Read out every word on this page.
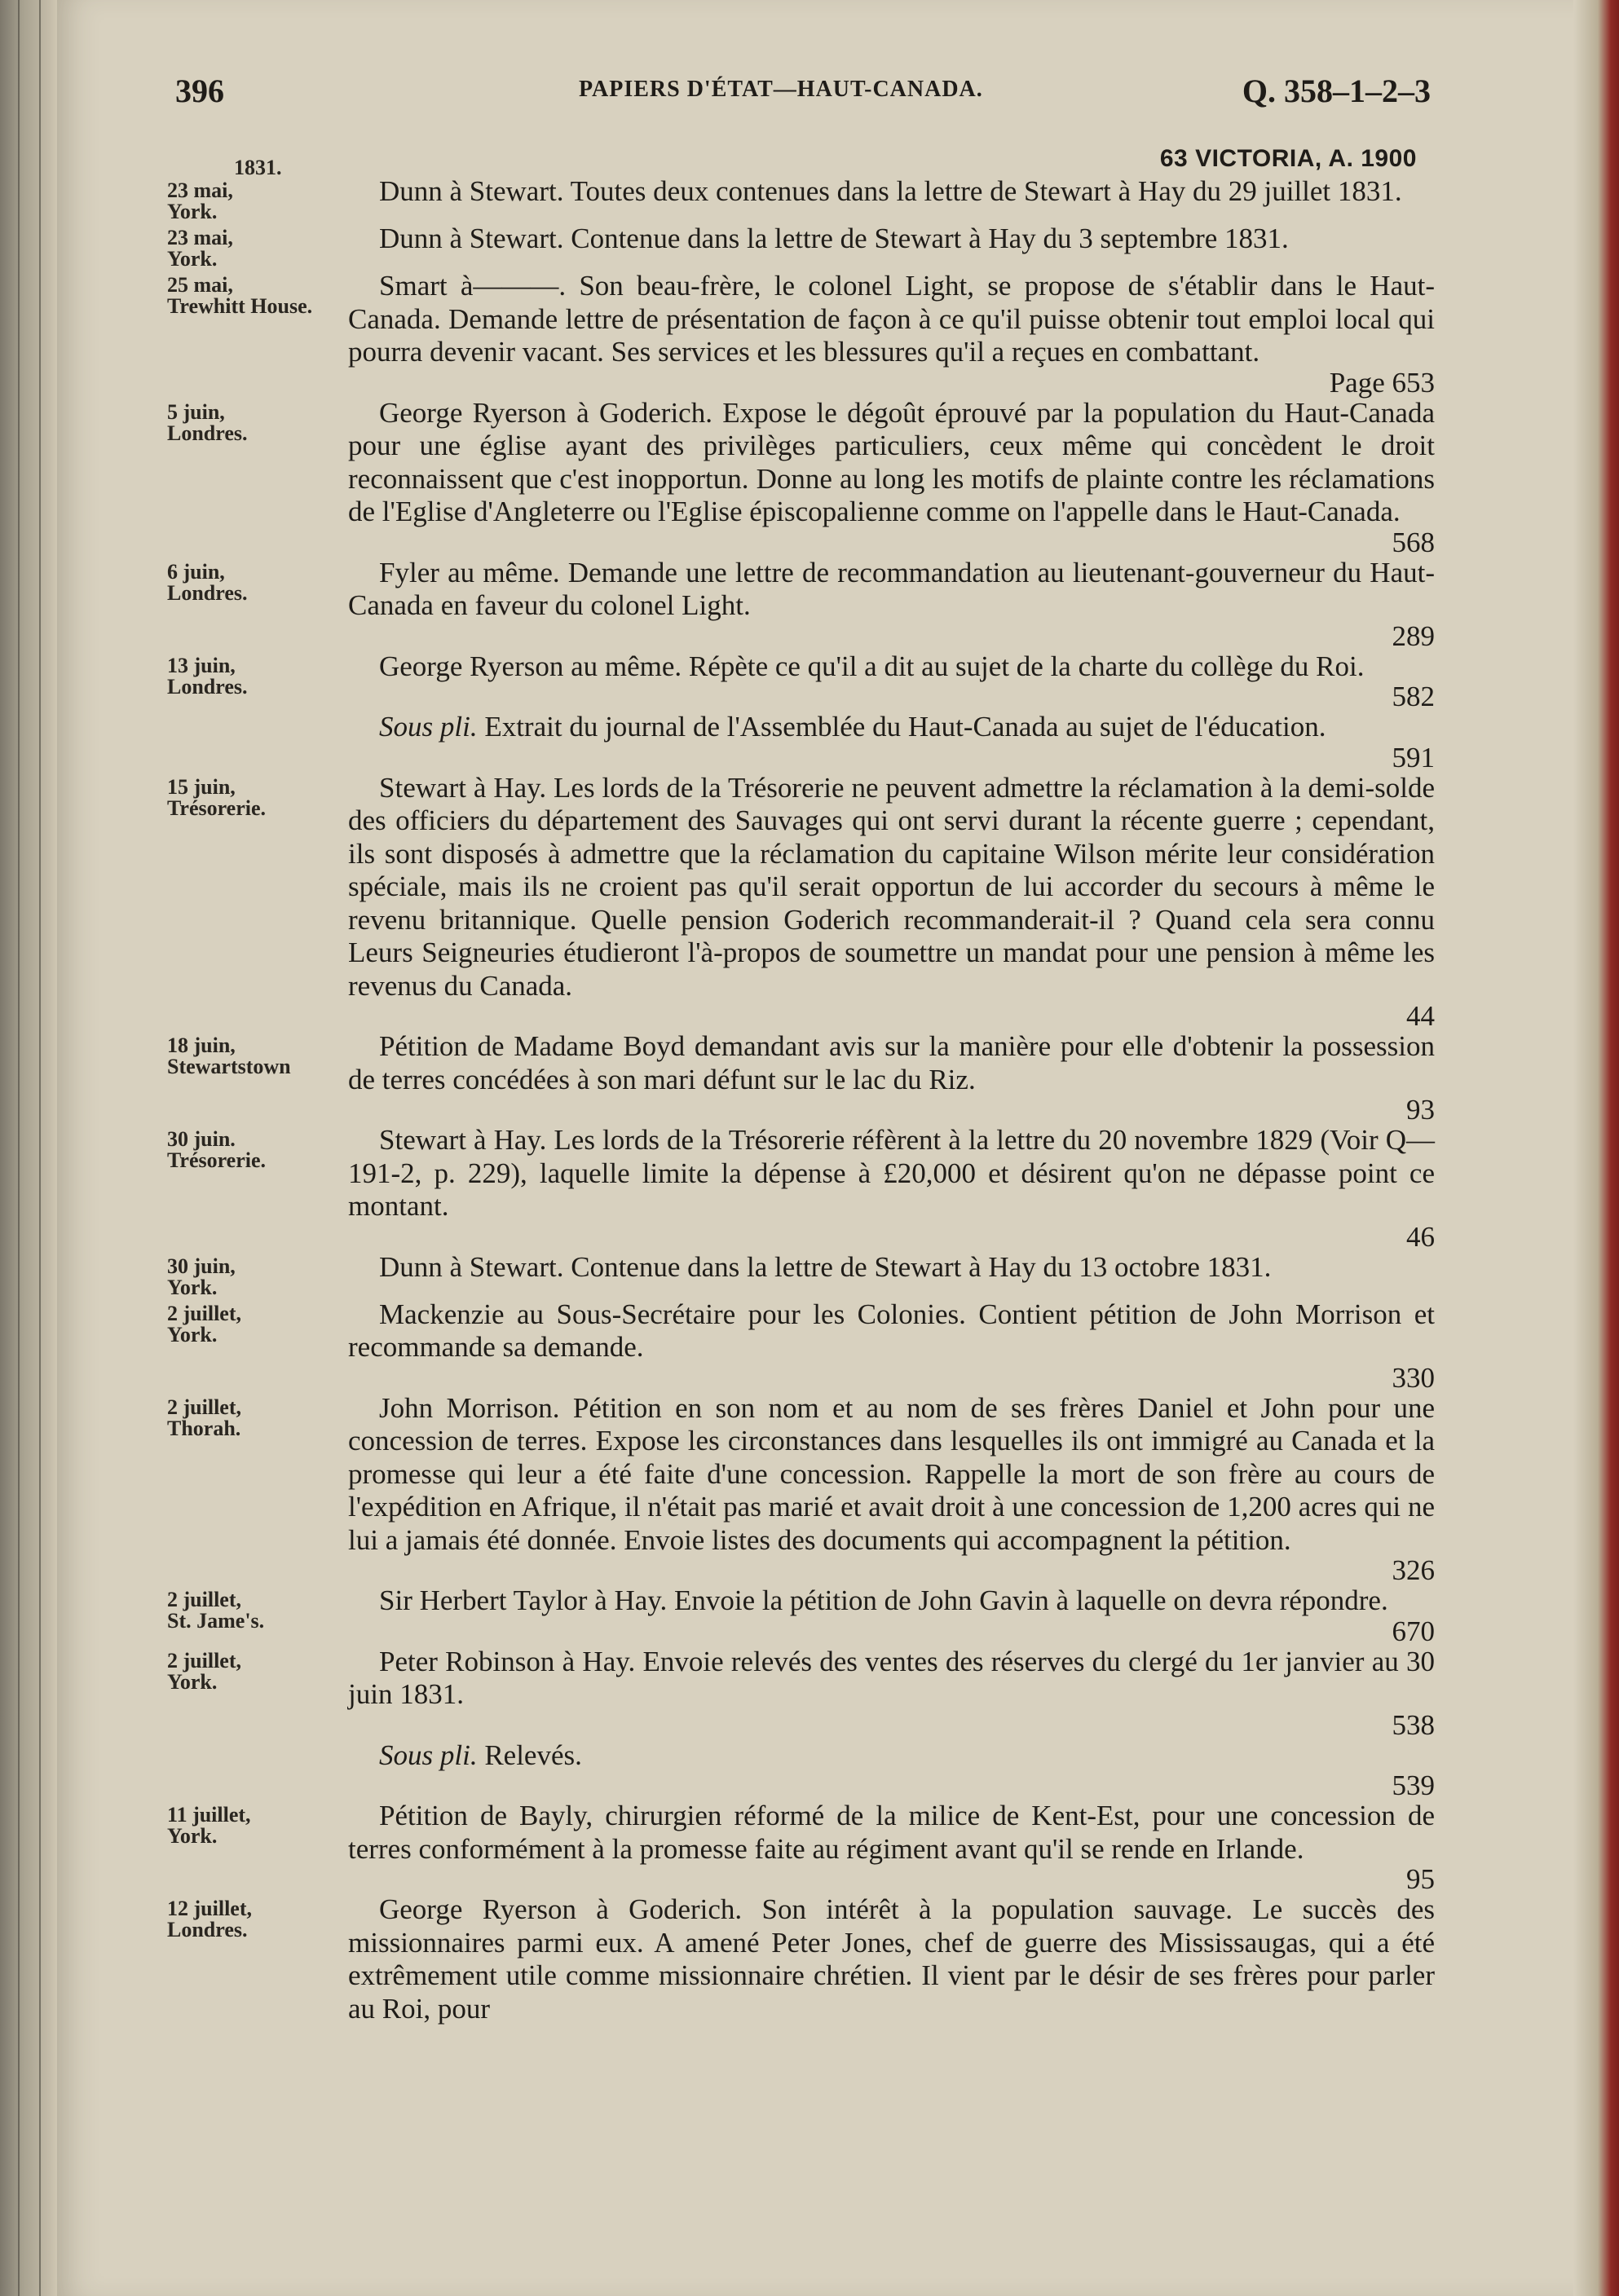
396	PAPIERS D'ÉTAT—HAUT-CANADA.	Q. 358–1–2–3
63 VICTORIA, A. 1900
1831.
23 mai,
York.
Dunn à Stewart. Toutes deux contenues dans la lettre de Stewart à Hay du 29 juillet 1831.
23 mai,
York.
Dunn à Stewart. Contenue dans la lettre de Stewart à Hay du 3 septembre 1831.
25 mai,
Trewhitt House.
Smart à———. Son beau-frère, le colonel Light, se propose de s'établir dans le Haut-Canada. Demande lettre de présentation de façon à ce qu'il puisse obtenir tout emploi local qui pourra devenir vacant. Ses services et les blessures qu'il a reçues en combattant.
Page 653
5 juin,
Londres.
George Ryerson à Goderich. Expose le dégoût éprouvé par la population du Haut-Canada pour une église ayant des privilèges particuliers, ceux même qui concèdent le droit reconnaissent que c'est inopportun. Donne au long les motifs de plainte contre les réclamations de l'Eglise d'Angleterre ou l'Eglise épiscopalienne comme on l'appelle dans le Haut-Canada.
568
6 juin,
Londres.
Fyler au même. Demande une lettre de recommandation au lieutenant-gouverneur du Haut-Canada en faveur du colonel Light.
289
13 juin,
Londres.
George Ryerson au même. Répète ce qu'il a dit au sujet de la charte du collège du Roi.
582
Sous pli. Extrait du journal de l'Assemblée du Haut-Canada au sujet de l'éducation.
591
15 juin,
Trésorerie.
Stewart à Hay. Les lords de la Trésorerie ne peuvent admettre la réclamation à la demi-solde des officiers du département des Sauvages qui ont servi durant la récente guerre ; cependant, ils sont disposés à admettre que la réclamation du capitaine Wilson mérite leur considération spéciale, mais ils ne croient pas qu'il serait opportun de lui accorder du secours à même le revenu britannique. Quelle pension Goderich recommanderait-il ? Quand cela sera connu Leurs Seigneuries étudieront l'à-propos de soumettre un mandat pour une pension à même les revenus du Canada.
44
18 juin,
Stewartstown
Pétition de Madame Boyd demandant avis sur la manière pour elle d'obtenir la possession de terres concédées à son mari défunt sur le lac du Riz.
93
30 juin.
Trésorerie.
Stewart à Hay. Les lords de la Trésorerie réfèrent à la lettre du 20 novembre 1829 (Voir Q—191-2, p. 229), laquelle limite la dépense à £20,000 et désirent qu'on ne dépasse point ce montant.
46
30 juin,
York.
Dunn à Stewart. Contenue dans la lettre de Stewart à Hay du 13 octobre 1831.
2 juillet,
York.
Mackenzie au Sous-Secrétaire pour les Colonies. Contient pétition de John Morrison et recommande sa demande.
330
2 juillet,
Thorah.
John Morrison. Pétition en son nom et au nom de ses frères Daniel et John pour une concession de terres. Expose les circonstances dans lesquelles ils ont immigré au Canada et la promesse qui leur a été faite d'une concession. Rappelle la mort de son frère au cours de l'expédition en Afrique, il n'était pas marié et avait droit à une concession de 1,200 acres qui ne lui a jamais été donnée. Envoie listes des documents qui accompagnent la pétition.
326
2 juillet,
St. Jame's.
Sir Herbert Taylor à Hay. Envoie la pétition de John Gavin à laquelle on devra répondre.
670
2 juillet,
York.
Peter Robinson à Hay. Envoie relevés des ventes des réserves du clergé du 1er janvier au 30 juin 1831.
538
Sous pli. Relevés.
539
11 juillet,
York.
Pétition de Bayly, chirurgien réformé de la milice de Kent-Est, pour une concession de terres conformément à la promesse faite au régiment avant qu'il se rende en Irlande.
95
12 juillet,
Londres.
George Ryerson à Goderich. Son intérêt à la population sauvage. Le succès des missionnaires parmi eux. A amené Peter Jones, chef de guerre des Mississaugas, qui a été extrêmement utile comme missionnaire chrétien. Il vient par le désir de ses frères pour parler au Roi, pour
